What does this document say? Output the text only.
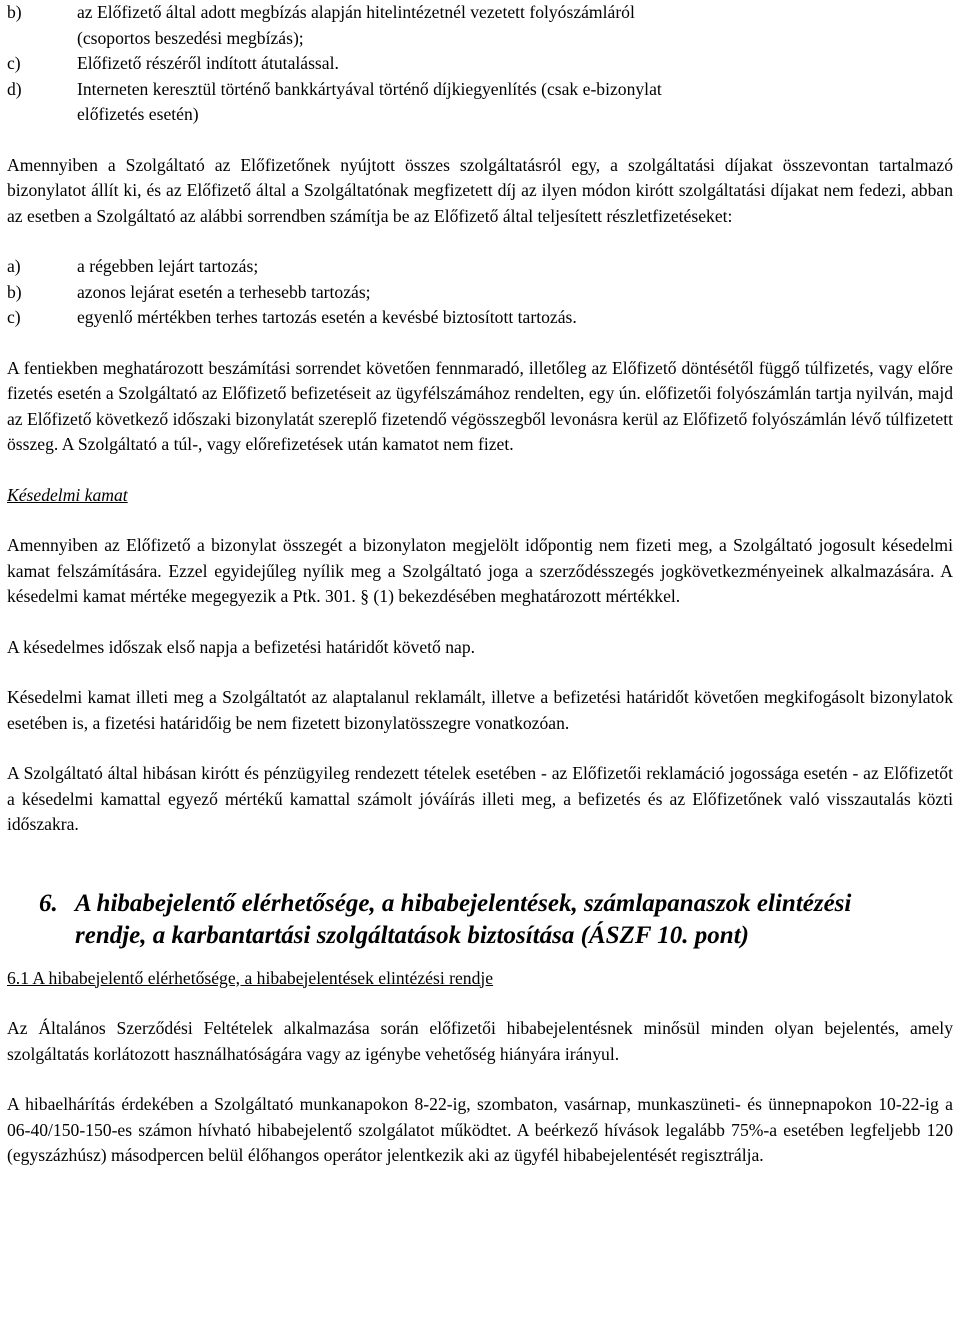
b)	az Előfizető által adott megbízás alapján hitelintézetnél vezetett folyószámláról
(csoportos beszedési megbízás);
c)	Előfizető részéről indított átutalással.
d)	Interneten keresztül történő bankkártyával történő díjkiegyenlítés (csak e-bizonylat
előfizetés esetén)

Amennyiben a Szolgáltató az Előfizetőnek nyújtott összes szolgáltatásról egy, a szolgáltatási díjakat összevontan tartalmazó bizonylatot állít ki, és az Előfizető által a Szolgáltatónak megfizetett díj az ilyen módon kirótt szolgáltatási díjakat nem fedezi, abban az esetben a Szolgáltató az alábbi sorrendben számítja be az Előfizető által teljesített részletfizetéseket:

a)	a régebben lejárt tartozás;
b)	azonos lejárat esetén a terhesebb tartozás;
c)	egyenlő mértékben terhes tartozás esetén a kevésbé biztosított tartozás.

A fentiekben meghatározott beszámítási sorrendet követően fennmaradó, illetőleg az Előfizető döntésétől függő túlfizetés, vagy előre fizetés esetén a Szolgáltató az Előfizető befizetéseit az ügyfélszámához rendelten, egy ún. előfizetői folyószámlán tartja nyilván, majd az Előfizető következő időszaki bizonylatát szereplő fizetendő végösszegből levonásra kerül az Előfizető folyószámlán lévő túlfizetett összeg. A Szolgáltató a túl-, vagy előrefizetések után kamatot nem fizet.

Késedelmi kamat

Amennyiben az Előfizető a bizonylat összegét a bizonylaton megjelölt időpontig nem fizeti meg, a Szolgáltató jogosult késedelmi kamat felszámítására. Ezzel egyidejűleg nyílik meg a Szolgáltató joga a szerződésszegés jogkövetkezményeinek alkalmazására. A késedelmi kamat mértéke megegyezik a Ptk. 301. § (1) bekezdésében meghatározott mértékkel.

A késedelmes időszak első napja a befizetési határidőt követő nap.

Késedelmi kamat illeti meg a Szolgáltatót az alaptalanul reklamált, illetve a befizetési határidőt követően megkifogásolt bizonylatok esetében is, a fizetési határidőig be nem fizetett bizonylatösszegre vonatkozóan.

A Szolgáltató által hibásan kirótt és pénzügyileg rendezett tételek esetében - az Előfizetői reklamáció jogossága esetén - az Előfizetőt a késedelmi kamattal egyező mértékű kamattal számolt jóváírás illeti meg, a befizetés és az Előfizetőnek való visszautalás közti időszakra.

6. A hibabejelentő elérhetősége, a hibabejelentések, számlapanaszok elintézési
rendje, a karbantartási szolgáltatások biztosítása (ÁSZF 10. pont)

6.1 A hibabejelentő elérhetősége, a hibabejelentések elintézési rendje

Az Általános Szerződési Feltételek alkalmazása során előfizetői hibabejelentésnek minősül minden olyan bejelentés, amely szolgáltatás korlátozott használhatóságára vagy az igénybe vehetőség hiányára irányul.

A hibaelhárítás érdekében a Szolgáltató munkanapokon 8-22-ig, szombaton, vasárnap, munkaszüneti- és ünnepnapokon 10-22-ig a 06-40/150-150-es számon hívható hibabejelentő szolgálatot működtet. A beérkező hívások legalább 75%-a esetében legfeljebb 120 (egyszázhúsz) másodpercen belül élőhangos operátor jelentkezik aki az ügyfél hibabejelentését regisztrálja.
